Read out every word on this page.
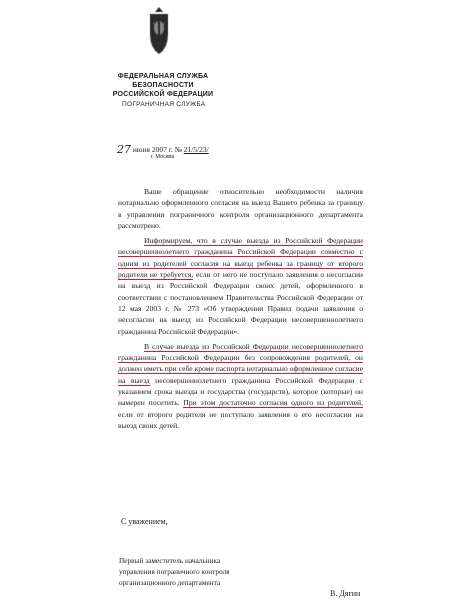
ФЕДЕРАЛЬНАЯ СЛУЖБА БЕЗОПАСНОСТИ
РОССИЙСКОЙ ФЕДЕРАЦИИ
ПОГРАНИЧНАЯ СЛУЖБА
27 июня 2007 г. № 21/5/23/
г. Москва

Ваше обращение относительно необходимости наличия нотариально оформленного согласия на выезд Вашего ребенка за границу в управлении пограничного контроля организационного департамента рассмотрено.

Информируем, что в случае выезда из Российской Федерации несовершеннолетнего гражданина Российской Федерации совместно с одним из родителей согласия на выезд ребенка за границу от второго родителя не требуется, если от него не поступало заявления о несогласии на выезд из Российской Федерации своих детей, оформленного в соответствии с постановлением Правительства Российской Федерации от 12 мая 2003 г. № 273 «Об утверждении Правил подачи заявления о несогласии на выезд из Российской Федерации несовершеннолетнего гражданина Российской Федерации».

В случае выезда из Российской Федерации несовершеннолетнего гражданина Российской Федерации без сопровождения родителей, он должен иметь при себе кроме паспорта нотариально оформленное согласие на выезд несовершеннолетнего гражданина Российской Федерации с указанием срока выезда и государства (государств), которое (которые) он намерен посетить. При этом достаточно согласия одного из родителей, если от второго родителя не поступало заявления о его несогласии на выезд своих детей.

С уважением,
Первый заместитель начальника
управления пограничного контроля
организационного департамента
В. Дягин
